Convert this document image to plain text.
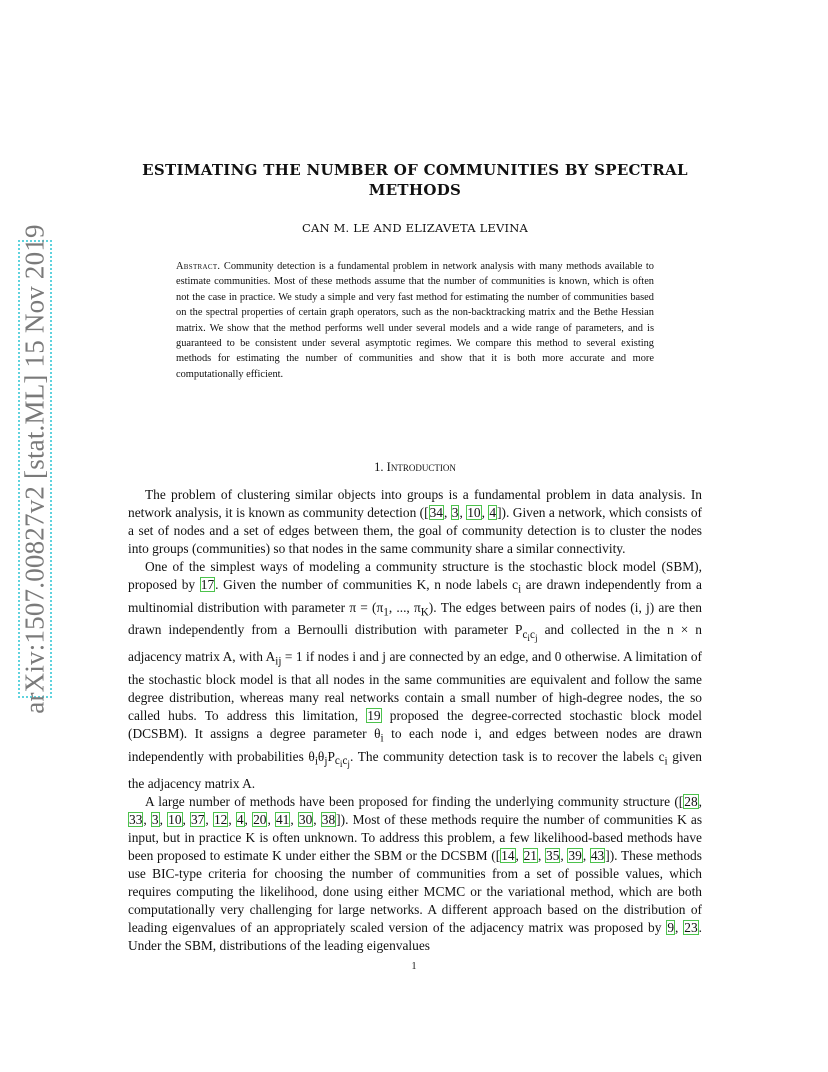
arXiv:1507.00827v2 [stat.ML] 15 Nov 2019
ESTIMATING THE NUMBER OF COMMUNITIES BY SPECTRAL METHODS
CAN M. LE AND ELIZAVETA LEVINA
Abstract. Community detection is a fundamental problem in network analysis with many methods available to estimate communities. Most of these methods assume that the number of communities is known, which is often not the case in practice. We study a simple and very fast method for estimating the number of communities based on the spectral properties of certain graph operators, such as the non-backtracking matrix and the Bethe Hessian matrix. We show that the method performs well under several models and a wide range of parameters, and is guaranteed to be consistent under several asymptotic regimes. We compare this method to several existing methods for estimating the number of communities and show that it is both more accurate and more computationally efficient.
1. Introduction

The problem of clustering similar objects into groups is a fundamental problem in data analysis. In network analysis, it is known as community detection ([34, 3, 10, 4]). Given a network, which consists of a set of nodes and a set of edges between them, the goal of community detection is to cluster the nodes into groups (communities) so that nodes in the same community share a similar connectivity.

One of the simplest ways of modeling a community structure is the stochastic block model (SBM), proposed by 17. Given the number of communities K, n node labels $c_i$ are drawn independently from a multinomial distribution with parameter $\pi = (\pi_1$, ..., $\pi_K$). The edges between pairs of nodes (i, j) are then drawn independently from a Bernoulli distribution with parameter $P_{c_ic_j}$ and collected in the n × n adjacency matrix A, with $A_{ij} = 1$ if nodes i and j are connected by an edge, and 0 otherwise. A limitation of the stochastic block model is that all nodes in the same communities are equivalent and follow the same degree distribution, whereas many real networks contain a small number of high-degree nodes, the so called hubs. To address this limitation, 19 proposed the degree-corrected stochastic block model (DCSBM). It assigns a degree parameter $\theta_i$ to each node i, and edges between nodes are drawn independently with probabilities $\theta_i\theta_jP_{c_ic_j}$. The community detection task is to recover the labels $c_i$ given the adjacency matrix A.

A large number of methods have been proposed for finding the underlying community structure ([28, 33, 3, 10, 37, 12, 4, 20, 41, 30, 38]). Most of these methods require the number of communities K as input, but in practice K is often unknown. To address this problem, a few likelihood-based methods have been proposed to estimate K under either the SBM or the DCSBM ([14, 21, 35, 39, 43]). These methods use BIC-type criteria for choosing the number of communities from a set of possible values, which requires computing the likelihood, done using either MCMC or the variational method, which are both computationally very challenging for large networks. A different approach based on the distribution of leading eigenvalues of an appropriately scaled version of the adjacency matrix was proposed by 9, 23. Under the SBM, distributions of the leading eigenvalues

1
